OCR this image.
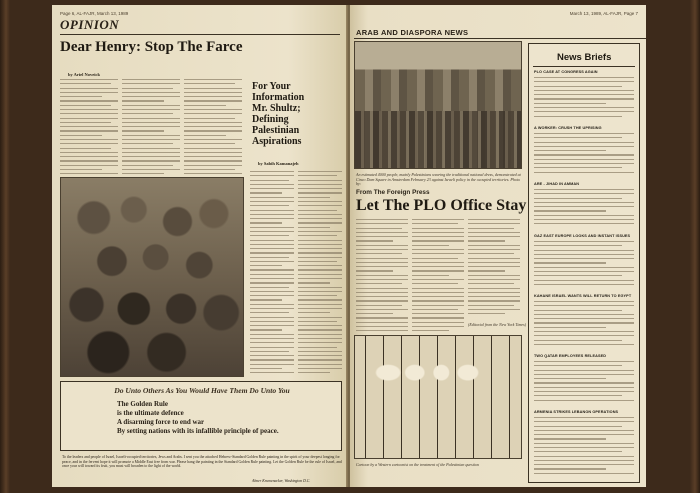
Page 6, AL-FAJR, March 13, 1989
OPINION
Dear Henry: Stop The Farce
by Ariel Noveick
For Your
Information
Mr. Shultz;
Defining
Palestinian
Aspirations
by Sabih Kamanajeh
Do Unto Others As You Would Have Them Do Unto You
The Golden Rule
is the ultimate defence
A disarming force to end war
By setting nations with its infallible principle of peace.
To the leaders and people of Israel, Israeli-occupied territories, Jews and Arabs. I sent you the attached Hebrew-Standard Golden Rule painting in the spirit of your deepest longing for peace, and in the fervent hope it will promote a Middle East free from war. Please hang the painting in the Standard Golden Rule painting. Let the Golden Rule be the rule of Israel, and once your will toward its fruit, you must will broaden to the light of the world.
Abner Krumenacker, Washington D.C.
ARAB AND DIASPORA NEWS
An estimated 4000 people, mainly Palestinians wearing the traditional national dress, demonstrated at Cinco Dam Square in Amsterdam February 23 against Israeli policy in the occupied territories. Photo by:
From The Foreign Press
Let The PLO Office Stay
(Editorial from the New York Times)
Cartoon by a Western cartoonist on the treatment of the Palestinian question
March 13, 1989, AL-FAJR, Page 7
News Briefs
PLO CASE AT CONGRESS AGAIN
A WORKER: CRUSH THE UPRISING
ARE - JIHAD IN AMMAN
GAZ EAST EUROPE LOOKS AND INSTANT ISSUES
KAHANE ISRAEL WANTS WILL RETURN TO EGYPT
TWO QATAR EMPLOYEES RELEASED
ARMENIA STRIKES LEBANON OPERATIONS
